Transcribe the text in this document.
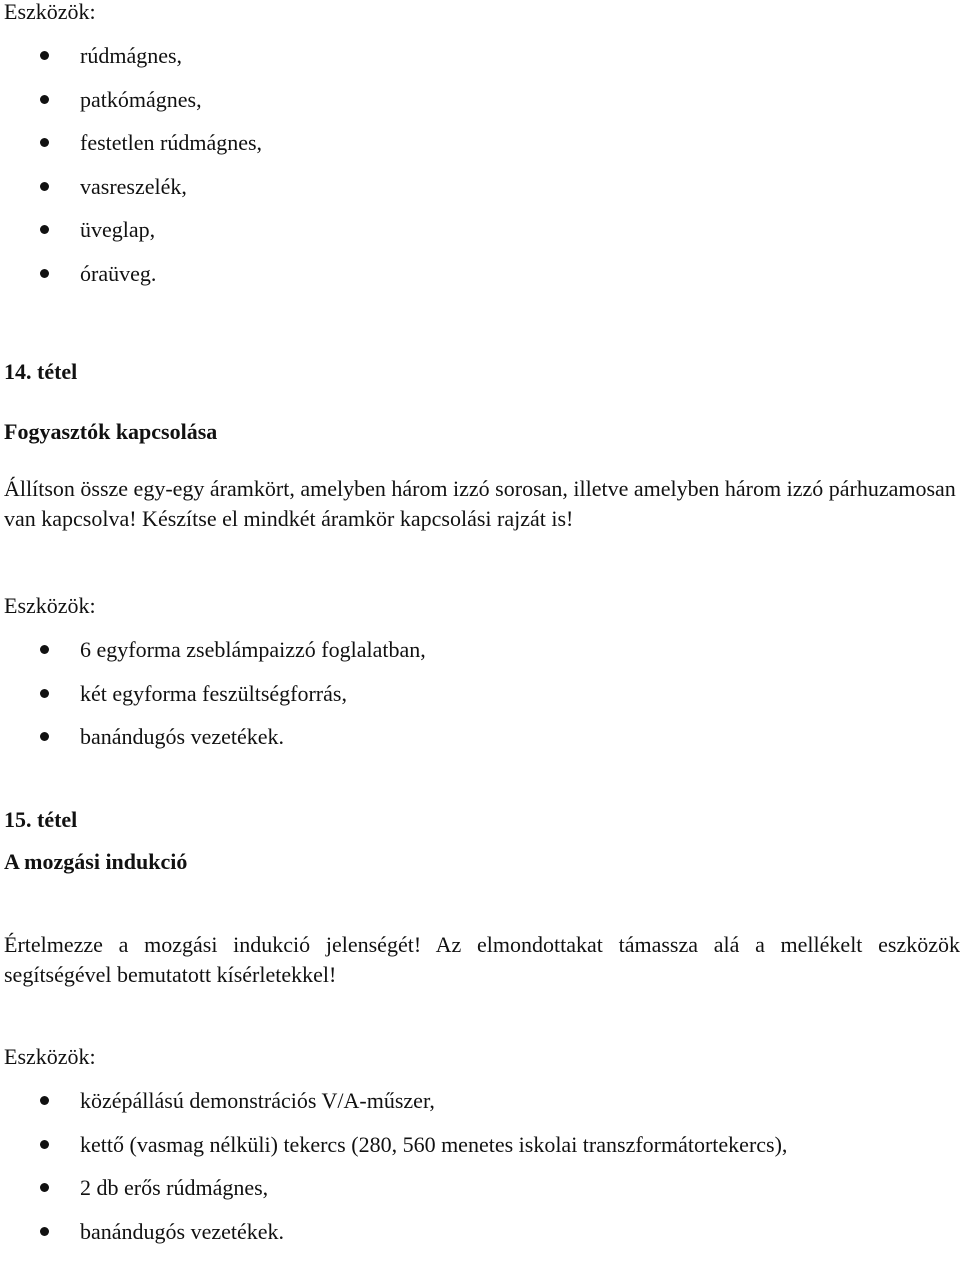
Eszközök:
rúdmágnes,
patkómágnes,
festetlen rúdmágnes,
vasreszelék,
üveglap,
óraüveg.
14. tétel
Fogyasztók kapcsolása
Állítson össze egy-egy áramkört, amelyben három izzó sorosan, illetve amelyben három izzó párhuzamosan van kapcsolva! Készítse el mindkét áramkör kapcsolási rajzát is!
Eszközök:
6 egyforma zseblámpaizzó foglalatban,
két egyforma feszültségforrás,
banándugós vezetékek.
15. tétel
A mozgási indukció
Értelmezze a mozgási indukció jelenségét! Az elmondottakat támassza alá a mellékelt eszközök segítségével bemutatott kísérletekkel!
Eszközök:
középállású demonstrációs V/A-műszer,
kettő (vasmag nélküli) tekercs (280, 560 menetes iskolai transzformátortekercs),
2 db erős rúdmágnes,
banándugós vezetékek.
